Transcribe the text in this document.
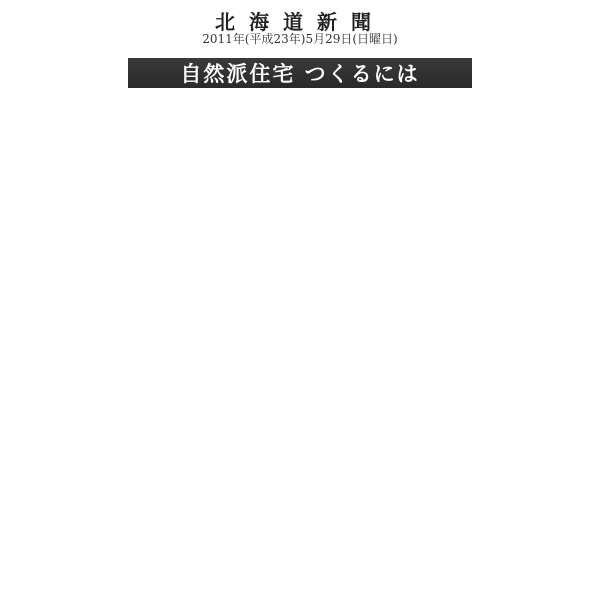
北海道新聞
2011年(平成23年)5月29日(日曜日)
自然派住宅 つくるには
